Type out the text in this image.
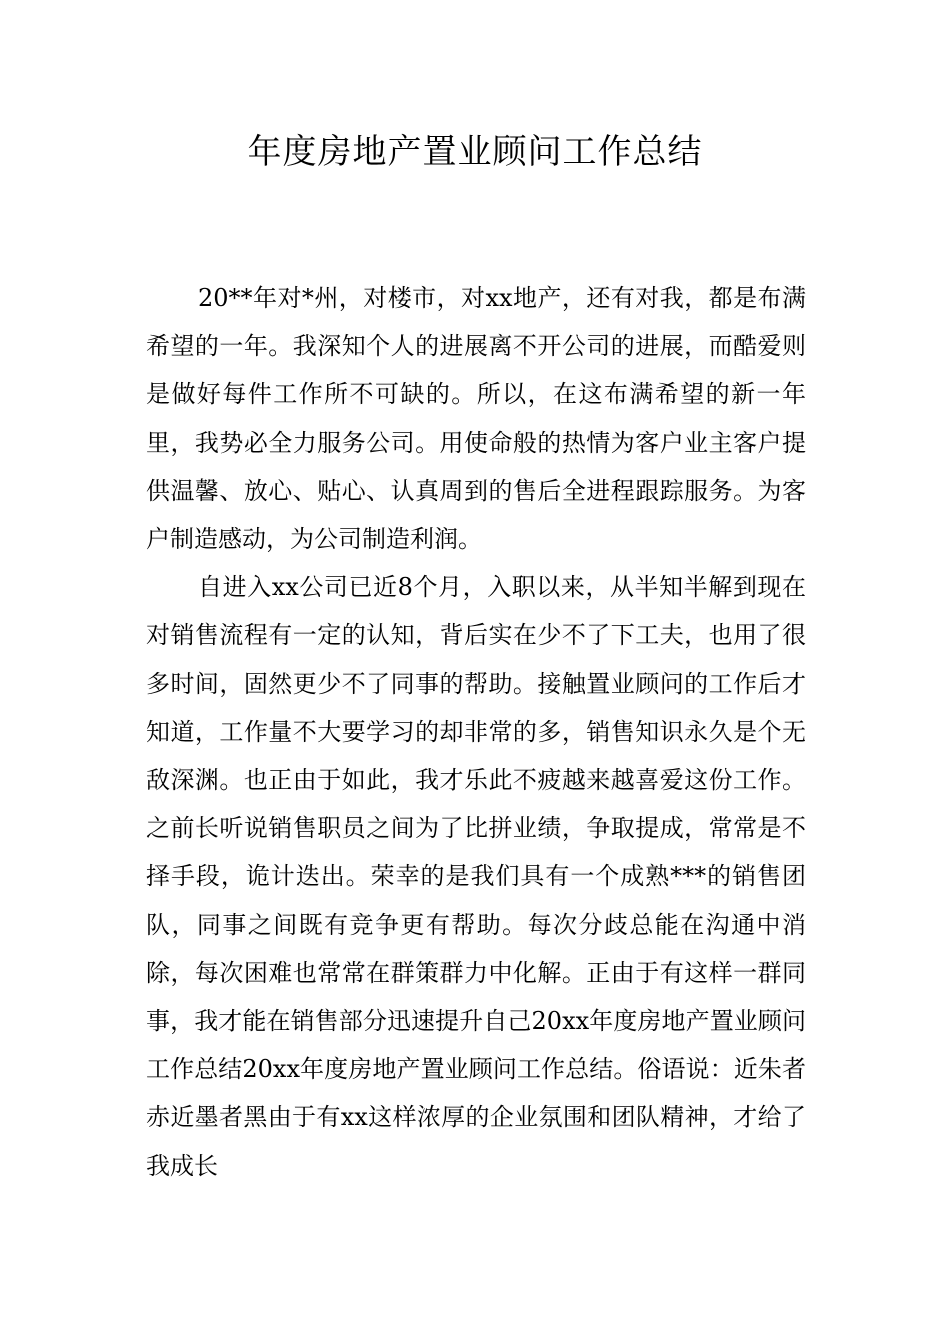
年度房地产置业顾问工作总结

20**年对*州，对楼市，对xx地产，还有对我，都是布满希望的一年。我深知个人的进展离不开公司的进展，而酷爱则是做好每件工作所不可缺的。所以，在这布满希望的新一年里，我势必全力服务公司。用使命般的热情为客户业主客户提供温馨、放心、贴心、认真周到的售后全进程跟踪服务。为客户制造感动，为公司制造利润。

自进入xx公司已近8个月，入职以来，从半知半解到现在对销售流程有一定的认知，背后实在少不了下工夫，也用了很多时间，固然更少不了同事的帮助。接触置业顾问的工作后才知道，工作量不大要学习的却非常的多，销售知识永久是个无敌深渊。也正由于如此，我才乐此不疲越来越喜爱这份工作。之前长听说销售职员之间为了比拼业绩，争取提成，常常是不择手段，诡计迭出。荣幸的是我们具有一个成熟***的销售团队，同事之间既有竞争更有帮助。每次分歧总能在沟通中消除，每次困难也常常在群策群力中化解。正由于有这样一群同事，我才能在销售部分迅速提升自己20xx年度房地产置业顾问工作总结20xx年度房地产置业顾问工作总结。俗语说：近朱者赤近墨者黑由于有xx这样浓厚的企业氛围和团队精神，才给了我成长
